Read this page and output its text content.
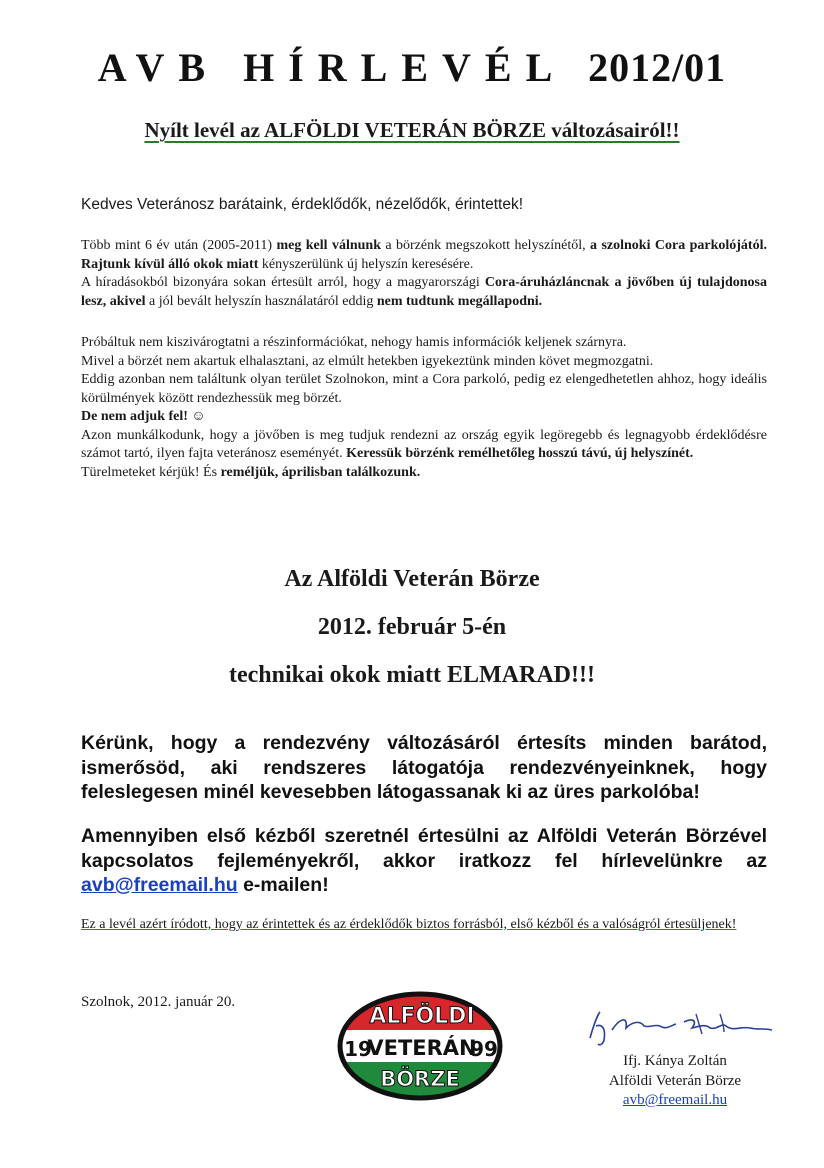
AVB HÍRLEVÉL 2012/01
Nyílt levél az ALFÖLDI VETERÁN BÖRZE változásairól!!
Kedves Veteránosz barátaink, érdeklődők, nézelődők, érintettek!
Több mint 6 év után (2005-2011) meg kell válnunk a börzénk megszokott helyszínétől, a szolnoki Cora parkolójától. Rajtunk kívül álló okok miatt kényszerülünk új helyszín keresésére.
A híradásokból bizonyára sokan értesült arról, hogy a magyarországi Cora-áruházláncnak a jövőben új tulajdonosa lesz, akivel a jól bevált helyszín használatáról eddig nem tudtunk megállapodni.
Próbáltuk nem kiszivárogtatni a részinformációkat, nehogy hamis információk keljenek szárnyra.
Mivel a börzét nem akartuk elhalasztani, az elmúlt hetekben igyekeztünk minden követ megmozgatni.
Eddig azonban nem találtunk olyan terület Szolnokon, mint a Cora parkoló, pedig ez elengedhetetlen ahhoz, hogy ideális körülmények között rendezhessük meg börzét.
De nem adjuk fel! ☺
Azon munkálkodunk, hogy a jövőben is meg tudjuk rendezni az ország egyik legöregebb és legnagyobb érdeklődésre számot tartó, ilyen fajta veteránosz eseményét. Keressük börzénk remélhetőleg hosszú távú, új helyszínét.
Türelmeteket kérjük! És reméljük, áprilisban találkozunk.
Az Alföldi Veterán Börze
2012. február 5-én
technikai okok miatt ELMARAD!!!
Kérünk, hogy a rendezvény változásáról értesíts minden barátod, ismerősöd, aki rendszeres látogatója rendezvényeinknek, hogy feleslegesen minél kevesebben látogassanak ki az üres parkolóba!
Amennyiben első kézből szeretnél értesülni az Alföldi Veterán Börzével kapcsolatos fejleményekről, akkor iratkozz fel hírlevelünkre az avb@freemail.hu e-mailen!
Ez a levél azért íródott, hogy az érintettek és az érdeklődők biztos forrásból, első kézből és a valóságról értesüljenek!
Szolnok, 2012. január 20.
ALFÖLDI
19
VETERÁN
99
BÖRZE
Ifj. Kánya Zoltán
Alföldi Veterán Börze
avb@freemail.hu
